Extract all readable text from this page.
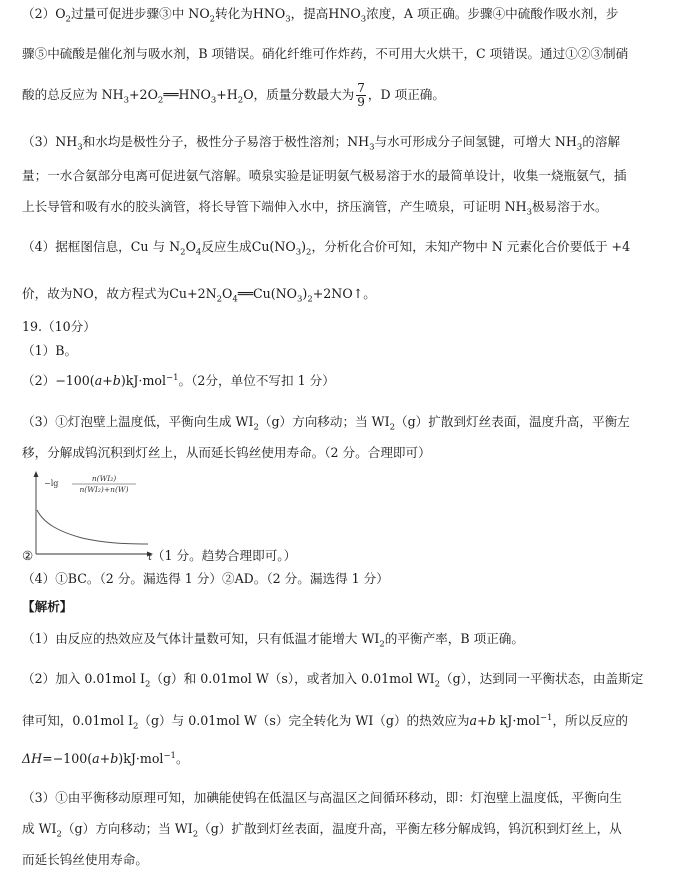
$(2)O_2$过量可促进步骤③中 $NO_2$转化为$HNO_3$，提高$HNO_3$浓度，A 项正确。步骤④中硫酸作吸水剂，步
骤⑤中硫酸是催化剂与吸水剂，B 项错误。硝化纤维可作炸药，不可用大火烘干，C 项错误。通过①②③制硝
酸的总反应为 $NH_3+2O_2══HNO_3+H_2O$，质量分数最大为 $\frac{7}{9}$ ，D 项正确。
$(3)NH_3$和水均是极性分子，极性分子易溶于极性溶剂；$NH_3$与水可形成分子间氢键，可增大 $NH_3$的溶解
量；一水合氨部分电离可促进氨气溶解。喷泉实验是证明氨气极易溶于水的最简单设计，收集一烧瓶氨气，插
上长导管和吸有水的胶头滴管，将长导管下端伸入水中，挤压滴管，产生喷泉，可证明 $NH_3$极易溶于水。
（4）据框图信息，Cu 与 $N_2O_4$反应生成$Cu(NO_3)_2$，分析化合价可知，未知产物中 N 元素化合价要低于 +4
价，故为NO，故方程式为$Cu+2N_2O_4══Cu(NO_3)_2+2NO↑$。
19.（10分）
（1）B。
（2）−100(a+b)kJ·mol$^{-1}$。（2分，单位不写扣 1 分）
（3）①灯泡壁上温度低，平衡向生成 $WI_2(g)$方向移动；当 $WI_2(g)$扩散到灯丝表面，温度升高，平衡左
移，分解成钨沉积到灯丝上，从而延长钨丝使用寿命。（2 分。合理即可）
−lg
n(WI₂)
n(WI₂)+n(W)
②	t（1 分。趋势合理即可。）
（4）①BC。（2 分。漏选得 1 分）②AD。（2 分。漏选得 1 分）
【解析】
（1）由反应的热效应及气体计量数可知，只有低温才能增大 $WI_2$的平衡产率，B 项正确。
（2）加入 0.01mol $I_2(g)$和 0.01mol W（s），或者加入 0.01mol $WI_2(g)$，达到同一平衡状态，由盖斯定
律可知，0.01mol $I_2(g)$与 0.01mol W（s）完全转化为 WI（g）的热效应为a+b kJ·mol$^{-1}$，所以反应的
ΔH=−100(a+b)kJ·mol$^{-1}$。
（3）①由平衡移动原理可知，加碘能使钨在低温区与高温区之间循环移动，即：灯泡壁上温度低，平衡向生
成 $WI_2(g)$方向移动；当 $WI_2(g)$扩散到灯丝表面，温度升高，平衡左移分解成钨，钨沉积到灯丝上，从
而延长钨丝使用寿命。
